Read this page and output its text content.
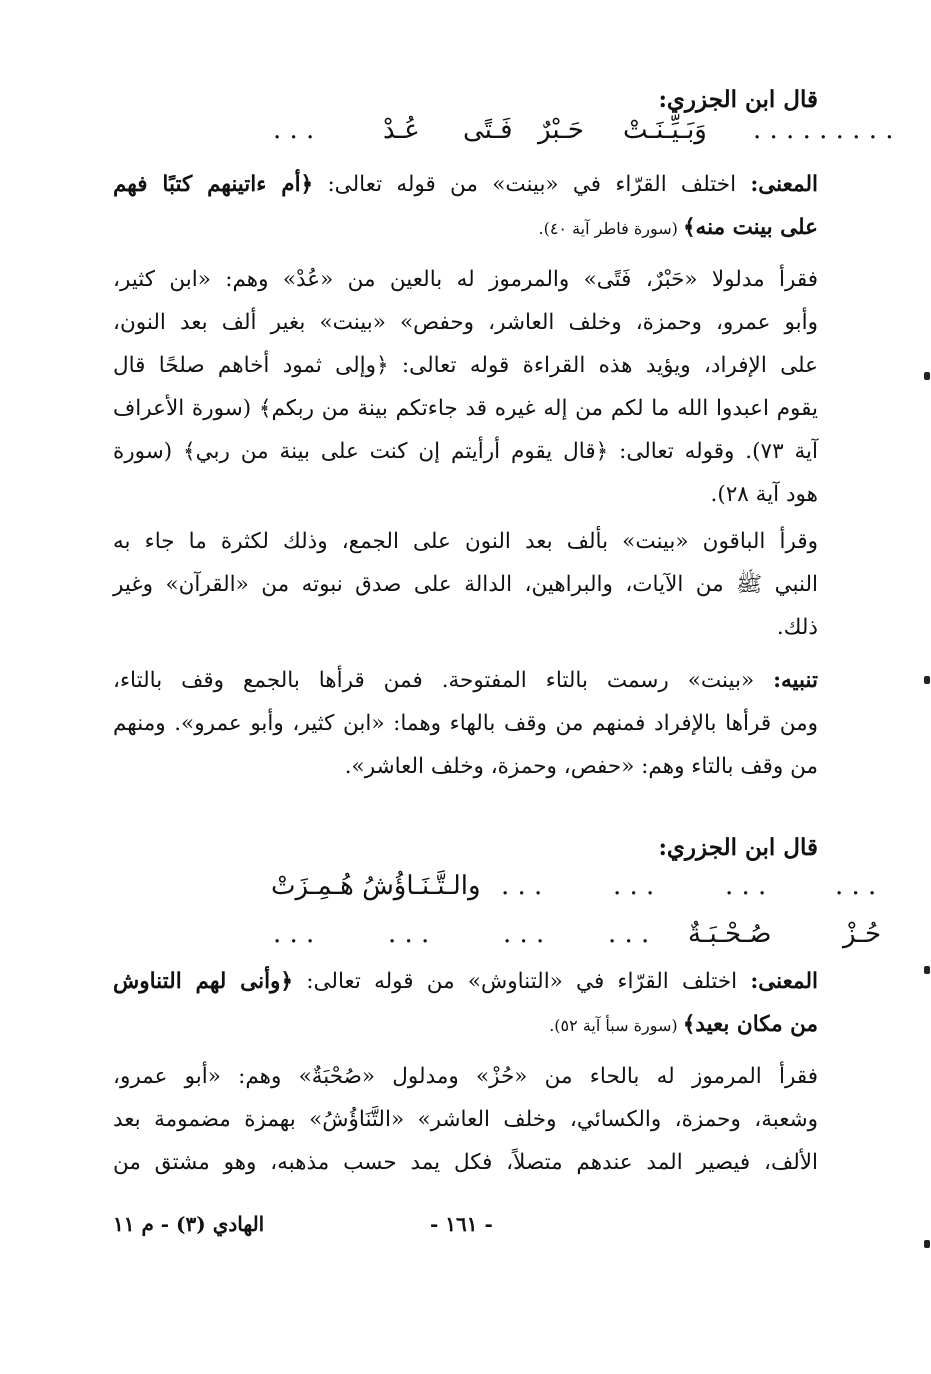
قال ابن الجزري:
. . .	عُـدْ فَـتًى حَـبْرٌ وَبَـيِّـنَـتْ . . . . . . . . .
المعنى: اختلف القرّاء في «بينت» من قوله تعالى: ﴿أم ءاتينهم كتبًا فهم
على بينت منه﴾ (سورة فاطر آية ٤٠).
فقرأ مدلولا «حَبْرٌ، فَتًى» والمرموز له بالعين من «عُدْ» وهم: «ابن كثير،
وأبو عمرو، وحمزة، وخلف العاشر، وحفص» «بينت» بغير ألف بعد النون،
على الإفراد، ويؤيد هذه القراءة قوله تعالى: ﴿وإلى ثمود أخاهم صلحًا قال
يقوم اعبدوا الله ما لكم من إله غيره قد جاءتكم بينة من ربكم﴾ (سورة الأعراف
آية ٧٣). وقوله تعالى: ﴿قال يقوم أرأيتم إن كنت على بينة من ربي﴾ (سورة
هود آية ٢٨).
وقرأ الباقون «بينت» بألف بعد النون على الجمع، وذلك لكثرة ما جاء به
النبي ﷺ من الآيات، والبراهين، الدالة على صدق نبوته من «القرآن» وغير
ذلك.
تنبيه: «بينت» رسمت بالتاء المفتوحة. فمن قرأها بالجمع وقف بالتاء،
ومن قرأها بالإفراد فمنهم من وقف بالهاء وهما: «ابن كثير، وأبو عمرو». ومنهم
من وقف بالتاء وهم: «حفص، وحمزة، وخلف العاشر».
قال ابن الجزري:
والـتَّـنَـاؤُشُ هُـمِـزَتْ . . .	. . .	. . .	. . .
. . .	. . .	. . . . . . صُـحْـبَـةٌ	حُـزْ
المعنى: اختلف القرّاء في «التناوش» من قوله تعالى: ﴿وأنى لهم التناوش
من مكان بعيد﴾ (سورة سبأ آية ٥٢).
فقرأ المرموز له بالحاء من «حُزْ» ومدلول «صُحْبَةٌ» وهم: «أبو عمرو،
وشعبة، وحمزة، والكسائي، وخلف العاشر» «التَّنَاؤُشُ» بهمزة مضمومة بعد
الألف، فيصير المد عندهم متصلاً، فكل يمد حسب مذهبه، وهو مشتق من
- ١٦١ -
الهادي (٣) - م ١١
